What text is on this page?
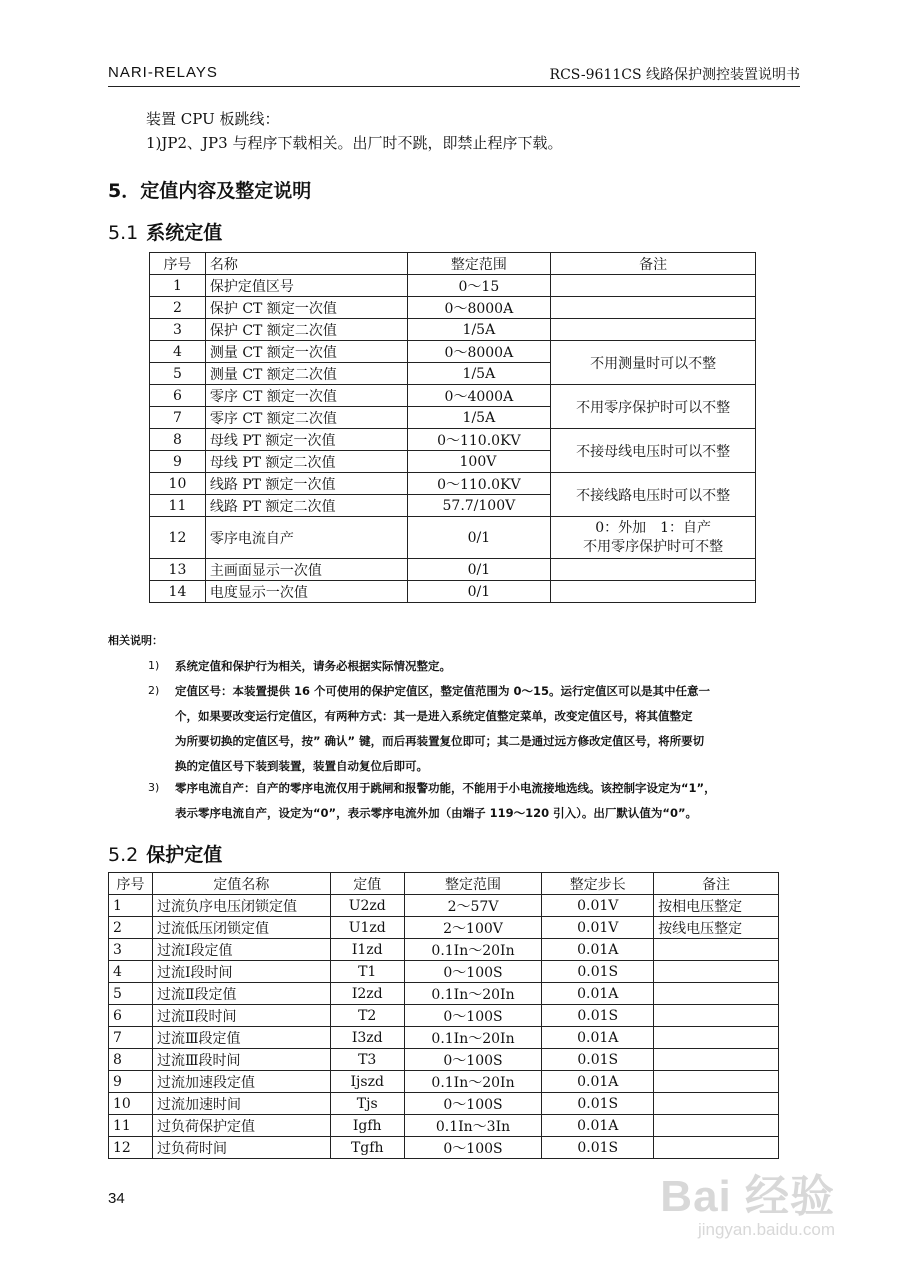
NARI-RELAYS	RCS-9611CS 线路保护测控装置说明书
装置 CPU 板跳线：
1)JP2、JP3 与程序下载相关。出厂时不跳，即禁止程序下载。
5．定值内容及整定说明
5.1 系统定值
序号	名称	整定范围	备注
1	保护定值区号	0～15	
2	保护 CT 额定一次值	0～8000A	
3	保护 CT 额定二次值	1/5A	
4	测量 CT 额定一次值	0～8000A	不用测量时可以不整
5	测量 CT 额定二次值	1/5A	
6	零序 CT 额定一次值	0～4000A	不用零序保护时可以不整
7	零序 CT 额定二次值	1/5A	
8	母线 PT 额定一次值	0～110.0KV	不接母线电压时可以不整
9	母线 PT 额定二次值	100V	
10	线路 PT 额定一次值	0～110.0KV	不接线路电压时可以不整
11	线路 PT 额定二次值	57.7/100V	
12	零序电流自产	0/1	0：外加　1：自产
不用零序保护时可不整

13	主画面显示一次值	0/1	
14	电度显示一次值	0/1	
相关说明：
1) 系统定值和保护行为相关，请务必根据实际情况整定。
2) 定值区号：本装置提供 16 个可使用的保护定值区，整定值范围为 0～15。运行定值区可以是其中任意一
个，如果要改变运行定值区，有两种方式：其一是进入系统定值整定菜单，改变定值区号，将其值整定
为所要切换的定值区号，按” 确认” 键，而后再装置复位即可；其二是通过远方修改定值区号，将所要切
换的定值区号下装到装置，装置自动复位后即可。
3) 零序电流自产：自产的零序电流仅用于跳闸和报警功能，不能用于小电流接地选线。该控制字设定为“1”，
表示零序电流自产，设定为“0”，表示零序电流外加（由端子 119～120 引入）。出厂默认值为“0”。
5.2 保护定值
序号	定值名称	定值	整定范围	整定步长	备注
1	过流负序电压闭锁定值	U2zd	2～57V	0.01V	按相电压整定
2	过流低压闭锁定值	U1zd	2～100V	0.01V	按线电压整定
3	过流Ⅰ段定值	I1zd	0.1In～20In	0.01A	
4	过流Ⅰ段时间	T1	0～100S	0.01S	
5	过流Ⅱ段定值	I2zd	0.1In～20In	0.01A	
6	过流Ⅱ段时间	T2	0～100S	0.01S	
7	过流Ⅲ段定值	I3zd	0.1In～20In	0.01A	
8	过流Ⅲ段时间	T3	0～100S	0.01S	
9	过流加速段定值	Ijszd	0.1In～20In	0.01A	
10	过流加速时间	Tjs	0～100S	0.01S	
11	过负荷保护定值	Igfh	0.1In～3In	0.01A	
12	过负荷时间	Tgfh	0～100S	0.01S	
34	Bai 经验
jingyan.baidu.com
